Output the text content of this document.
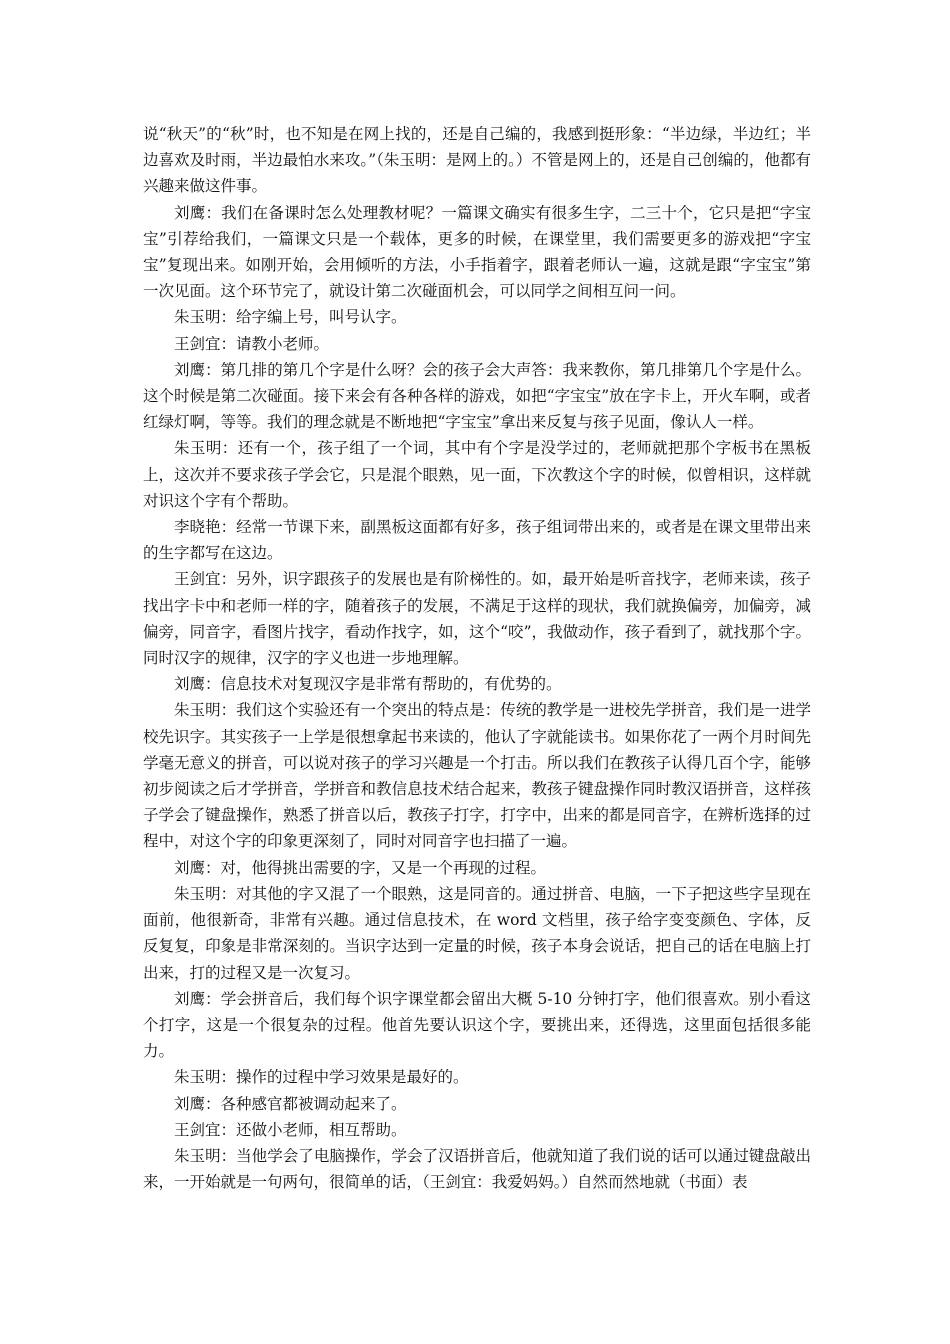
说“秋天”的“秋”时，也不知是在网上找的，还是自己编的，我感到挺形象：“半边绿，半边红；半边喜欢及时雨，半边最怕水来攻。”（朱玉明：是网上的。）不管是网上的，还是自己创编的，他都有兴趣来做这件事。

刘鹰：我们在备课时怎么处理教材呢？一篇课文确实有很多生字，二三十个，它只是把“字宝宝”引荐给我们，一篇课文只是一个载体，更多的时候，在课堂里，我们需要更多的游戏把“字宝宝”复现出来。如刚开始，会用倾听的方法，小手指着字，跟着老师认一遍，这就是跟“字宝宝”第一次见面。这个环节完了，就设计第二次碰面机会，可以同学之间相互问一问。

朱玉明：给字编上号，叫号认字。

王剑宜：请教小老师。

刘鹰：第几排的第几个字是什么呀？会的孩子会大声答：我来教你，第几排第几个字是什么。这个时候是第二次碰面。接下来会有各种各样的游戏，如把“字宝宝”放在字卡上，开火车啊，或者红绿灯啊，等等。我们的理念就是不断地把“字宝宝”拿出来反复与孩子见面，像认人一样。

朱玉明：还有一个，孩子组了一个词，其中有个字是没学过的，老师就把那个字板书在黑板上，这次并不要求孩子学会它，只是混个眼熟，见一面，下次教这个字的时候，似曾相识，这样就对识这个字有个帮助。

李晓艳：经常一节课下来，副黑板这面都有好多，孩子组词带出来的，或者是在课文里带出来的生字都写在这边。

王剑宜：另外，识字跟孩子的发展也是有阶梯性的。如，最开始是听音找字，老师来读，孩子找出字卡中和老师一样的字，随着孩子的发展，不满足于这样的现状，我们就换偏旁，加偏旁，减偏旁，同音字，看图片找字，看动作找字，如，这个“咬”，我做动作，孩子看到了，就找那个字。同时汉字的规律，汉字的字义也进一步地理解。

刘鹰：信息技术对复现汉字是非常有帮助的，有优势的。

朱玉明：我们这个实验还有一个突出的特点是：传统的教学是一进校先学拼音，我们是一进学校先识字。其实孩子一上学是很想拿起书来读的，他认了字就能读书。如果你花了一两个月时间先学毫无意义的拼音，可以说对孩子的学习兴趣是一个打击。所以我们在教孩子认得几百个字，能够初步阅读之后才学拼音，学拼音和教信息技术结合起来，教孩子键盘操作同时教汉语拼音，这样孩子学会了键盘操作，熟悉了拼音以后，教孩子打字，打字中，出来的都是同音字，在辨析选择的过程中，对这个字的印象更深刻了，同时对同音字也扫描了一遍。

刘鹰：对，他得挑出需要的字，又是一个再现的过程。

朱玉明：对其他的字又混了一个眼熟，这是同音的。通过拼音、电脑，一下子把这些字呈现在面前，他很新奇，非常有兴趣。通过信息技术，在 word 文档里，孩子给字变变颜色、字体，反反复复，印象是非常深刻的。当识字达到一定量的时候，孩子本身会说话，把自己的话在电脑上打出来，打的过程又是一次复习。

刘鹰：学会拼音后，我们每个识字课堂都会留出大概 5-10 分钟打字，他们很喜欢。别小看这个打字，这是一个很复杂的过程。他首先要认识这个字，要挑出来，还得选，这里面包括很多能力。

朱玉明：操作的过程中学习效果是最好的。

刘鹰：各种感官都被调动起来了。

王剑宜：还做小老师，相互帮助。

朱玉明：当他学会了电脑操作，学会了汉语拼音后，他就知道了我们说的话可以通过键盘敲出来，一开始就是一句两句，很简单的话，（王剑宜：我爱妈妈。）自然而然地就（书面）表
